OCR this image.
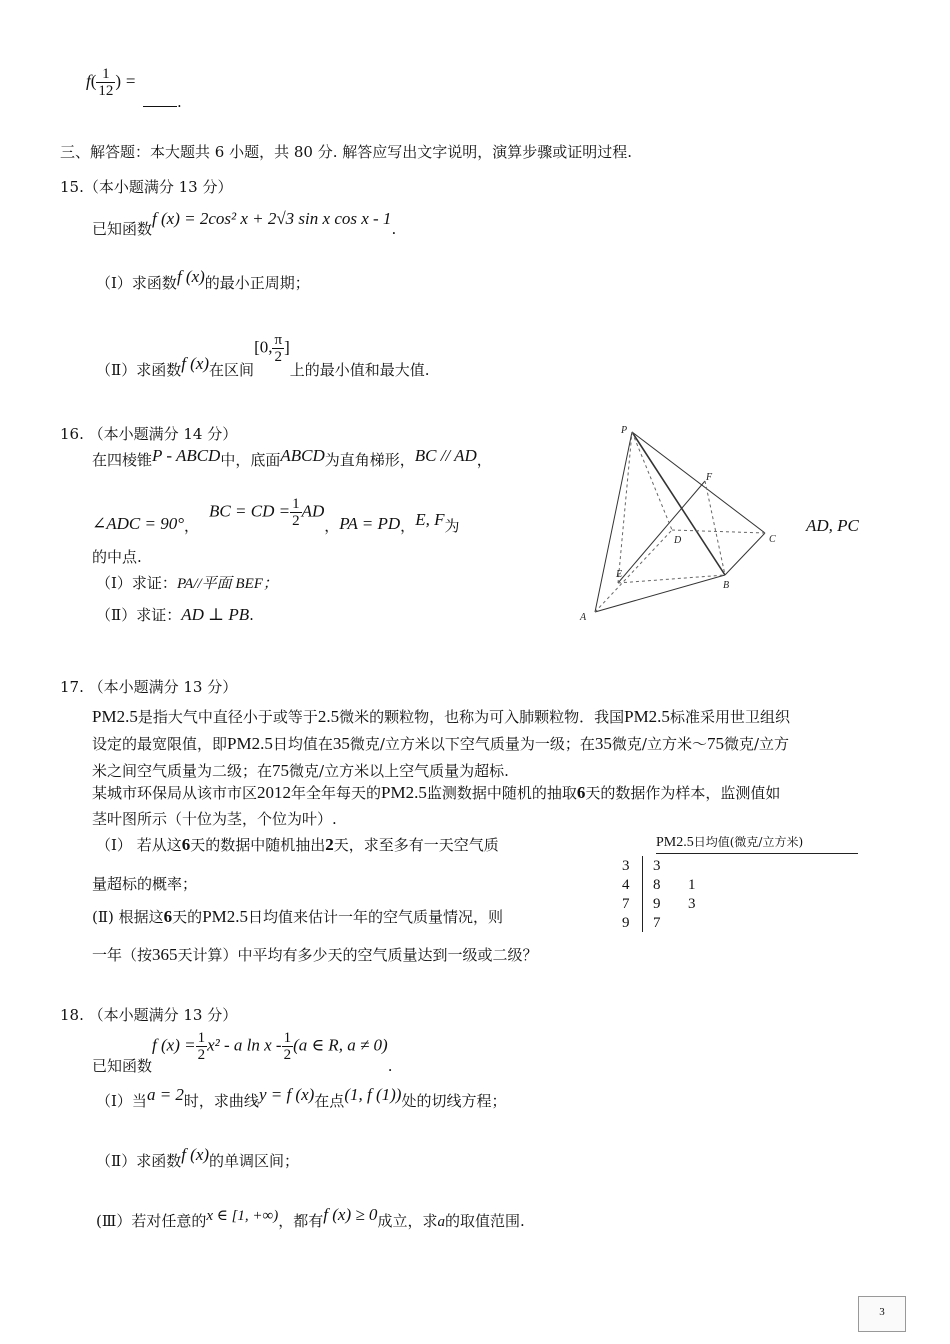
$f( \frac{1}{12}$ ) =
.
三、解答题：本大题共 6 小题，共 80 分. 解答应写出文字说明，演算步骤或证明过程.
15.（本小题满分 13 分）
已知函数f (x) = 2cos² x + 2√3 sin x cos x - 1.
（Ⅰ）求函数f (x)的最小正周期；
（Ⅱ）求函数f (x)在区间[0, $\frac{\pi}{2}$ ]上的最小值和最大值.
16. （本小题满分 14 分）
在四棱锥P - ABCD中，底面ABCD为直角梯形，BC // AD，
∠ADC = 90°，BC = CD = $\frac{1}{2}$ AD，PA = PD，E, F为	AD, PC
的中点.
（Ⅰ）求证：PA//平面 BEF；
（Ⅱ）求证：AD ⊥ PB.
P
F
D	C
E
B
A
17. （本小题满分 13 分）
PM2.5是指大气中直径小于或等于2.5微米的颗粒物，也称为可入肺颗粒物．我国PM2.5标准采用世卫组织
设定的最宽限值，即PM2.5日均值在35微克/立方米以下空气质量为一级；在35微克/立方米～75微克/立方
米之间空气质量为二级；在75微克/立方米以上空气质量为超标.
某城市环保局从该市市区2012年全年每天的PM2.5监测数据中随机的抽取6天的数据作为样本，监测值如
茎叶图所示（十位为茎，个位为叶）.
（Ⅰ） 若从这6天的数据中随机抽出2天，求至多有一天空气质
量超标的概率；
(Ⅱ) 根据这6天的PM2.5日均值来估计一年的空气质量情况，则
一年（按365天计算）中平均有多少天的空气质量达到一级或二级？
PM2.5日均值(微克/立方米)
3 3
4 8 1
7 9 3
9 7
18. （本小题满分 13 分）
已知函数f $(x) = \frac{1}{2} x^2 - a$ ln x - $\frac{1}{2} (a$ ∈ R, a ≠ 0).
（Ⅰ）当a = 2时，求曲线y = f (x)在点(1, f (1))处的切线方程；
（Ⅱ）求函数f (x)的单调区间；
(Ⅲ）若对任意的x ∈ [1, +∞)，都有f (x) ≥ 0成立，求a的取值范围.
3
